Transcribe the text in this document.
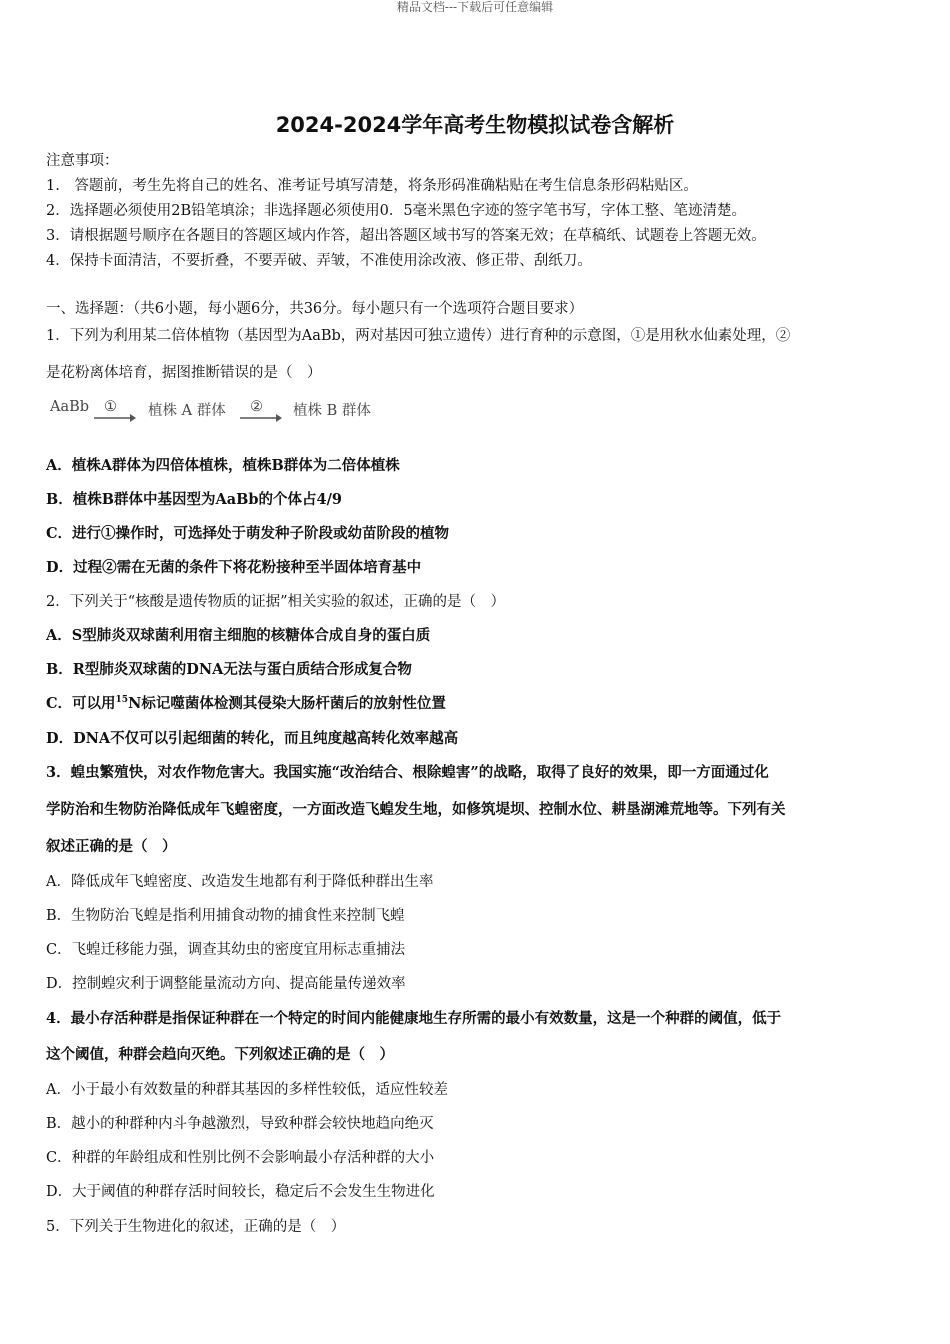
精品文档---下载后可任意编辑
2024-2024学年高考生物模拟试卷含解析
注意事项：
1.　答题前，考生先将自己的姓名、准考证号填写清楚，将条形码准确粘贴在考生信息条形码粘贴区。
2．选择题必须使用2B铅笔填涂；非选择题必须使用0．5毫米黑色字迹的签字笔书写，字体工整、笔迹清楚。
3．请根据题号顺序在各题目的答题区域内作答，超出答题区域书写的答案无效；在草稿纸、试题卷上答题无效。
4．保持卡面清洁，不要折叠，不要弄破、弄皱，不准使用涂改液、修正带、刮纸刀。
一、选择题：（共6小题，每小题6分，共36分。每小题只有一个选项符合题目要求）
1．下列为利用某二倍体植物（基因型为AaBb，两对基因可独立遗传）进行育种的示意图，①是用秋水仙素处理，②
是花粉离体培育，据图推断错误的是（　）
AaBb ① 植株 A 群体 ② 植株 B 群体
A．植株A群体为四倍体植株，植株B群体为二倍体植株
B．植株B群体中基因型为AaBb的个体占4/9
C．进行①操作时，可选择处于萌发种子阶段或幼苗阶段的植物
D．过程②需在无菌的条件下将花粉接种至半固体培育基中
2．下列关于“核酸是遗传物质的证据”相关实验的叙述，正确的是（　）
A．S型肺炎双球菌利用宿主细胞的核糖体合成自身的蛋白质
B．R型肺炎双球菌的DNA无法与蛋白质结合形成复合物
C．可以用$^{15}$N标记噬菌体检测其侵染大肠杆菌后的放射性位置
D．DNA不仅可以引起细菌的转化，而且纯度越高转化效率越高
3．蝗虫繁殖快，对农作物危害大。我国实施“改治结合、根除蝗害”的战略，取得了良好的效果，即一方面通过化
学防治和生物防治降低成年飞蝗密度，一方面改造飞蝗发生地，如修筑堤坝、控制水位、耕垦湖滩荒地等。下列有关
叙述正确的是（　）
A．降低成年飞蝗密度、改造发生地都有利于降低种群出生率
B．生物防治飞蝗是指利用捕食动物的捕食性来控制飞蝗
C．飞蝗迁移能力强，调查其幼虫的密度宜用标志重捕法
D．控制蝗灾利于调整能量流动方向、提高能量传递效率
4．最小存活种群是指保证种群在一个特定的时间内能健康地生存所需的最小有效数量，这是一个种群的阈值，低于
这个阈值，种群会趋向灭绝。下列叙述正确的是（　）
A．小于最小有效数量的种群其基因的多样性较低，适应性较差
B．越小的种群种内斗争越激烈，导致种群会较快地趋向绝灭
C．种群的年龄组成和性别比例不会影响最小存活种群的大小
D．大于阈值的种群存活时间较长，稳定后不会发生生物进化
5．下列关于生物进化的叙述，正确的是（　）
